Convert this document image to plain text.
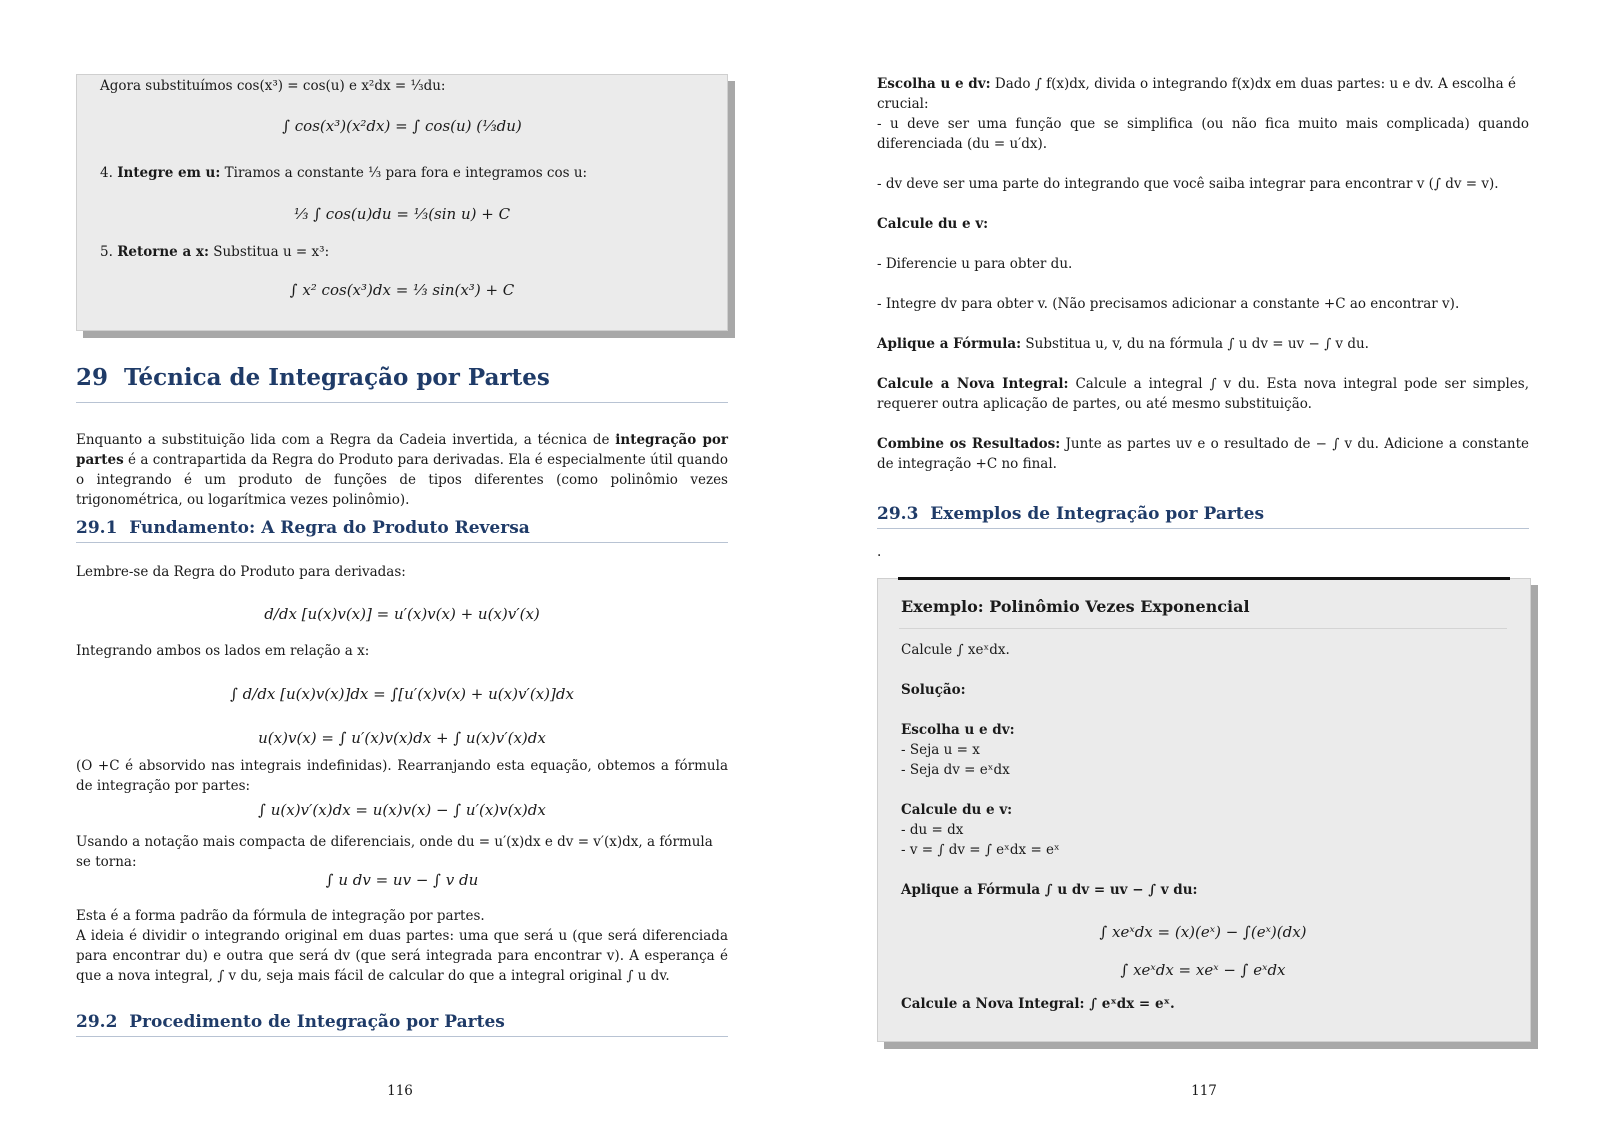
Agora substituímos cos(x³) = cos(u) e x²dx = ⅓du:
∫ cos(x³)(x²dx) = ∫ cos(u) (⅓du)
4. Integre em u: Tiramos a constante ⅓ para fora e integramos cos u:
⅓ ∫ cos(u)du = ⅓(sin u) + C
5. Retorne a x: Substitua u = x³:
∫ x² cos(x³)dx = ⅓ sin(x³) + C
29 Técnica de Integração por Partes
Enquanto a substituição lida com a Regra da Cadeia invertida, a técnica de integração por partes é a contrapartida da Regra do Produto para derivadas. Ela é especialmente útil quando o integrando é um produto de funções de tipos diferentes (como polinômio vezes trigonométrica, ou logarítmica vezes polinômio).
29.1 Fundamento: A Regra do Produto Reversa
Lembre-se da Regra do Produto para derivadas:
d/dx [u(x)v(x)] = u′(x)v(x) + u(x)v′(x)
Integrando ambos os lados em relação a x:
∫ d/dx [u(x)v(x)]dx = ∫[u′(x)v(x) + u(x)v′(x)]dx
u(x)v(x) = ∫ u′(x)v(x)dx + ∫ u(x)v′(x)dx
(O +C é absorvido nas integrais indefinidas). Rearranjando esta equação, obtemos a fórmula de integração por partes:
∫ u(x)v′(x)dx = u(x)v(x) − ∫ u′(x)v(x)dx
Usando a notação mais compacta de diferenciais, onde du = u′(x)dx e dv = v′(x)dx, a fórmula se torna:
∫ u dv = uv − ∫ v du
Esta é a forma padrão da fórmula de integração por partes.
A ideia é dividir o integrando original em duas partes: uma que será u (que será diferenciada para encontrar du) e outra que será dv (que será integrada para encontrar v). A esperança é que a nova integral, ∫ v du, seja mais fácil de calcular do que a integral original ∫ u dv.
29.2 Procedimento de Integração por Partes
116
Escolha u e dv: Dado ∫ f(x)dx, divida o integrando f(x)dx em duas partes: u e dv. A escolha é crucial:
- u deve ser uma função que se simplifica (ou não fica muito mais complicada) quando diferenciada (du = u′dx).
- dv deve ser uma parte do integrando que você saiba integrar para encontrar v (∫ dv = v).
Calcule du e v:
- Diferencie u para obter du.
- Integre dv para obter v. (Não precisamos adicionar a constante +C ao encontrar v).
Aplique a Fórmula: Substitua u, v, du na fórmula ∫ u dv = uv − ∫ v du.
Calcule a Nova Integral: Calcule a integral ∫ v du. Esta nova integral pode ser simples, requerer outra aplicação de partes, ou até mesmo substituição.
Combine os Resultados: Junte as partes uv e o resultado de − ∫ v du. Adicione a constante de integração +C no final.
29.3 Exemplos de Integração por Partes
.
Exemplo: Polinômio Vezes Exponencial
Calcule ∫ xeˣdx.
Solução:
Escolha u e dv:
- Seja u = x
- Seja dv = eˣdx
Calcule du e v:
- du = dx
- v = ∫ dv = ∫ eˣdx = eˣ
Aplique a Fórmula ∫ u dv = uv − ∫ v du:
∫ xeˣdx = (x)(eˣ) − ∫(eˣ)(dx)
∫ xeˣdx = xeˣ − ∫ eˣdx
Calcule a Nova Integral: ∫ eˣdx = eˣ.
117
